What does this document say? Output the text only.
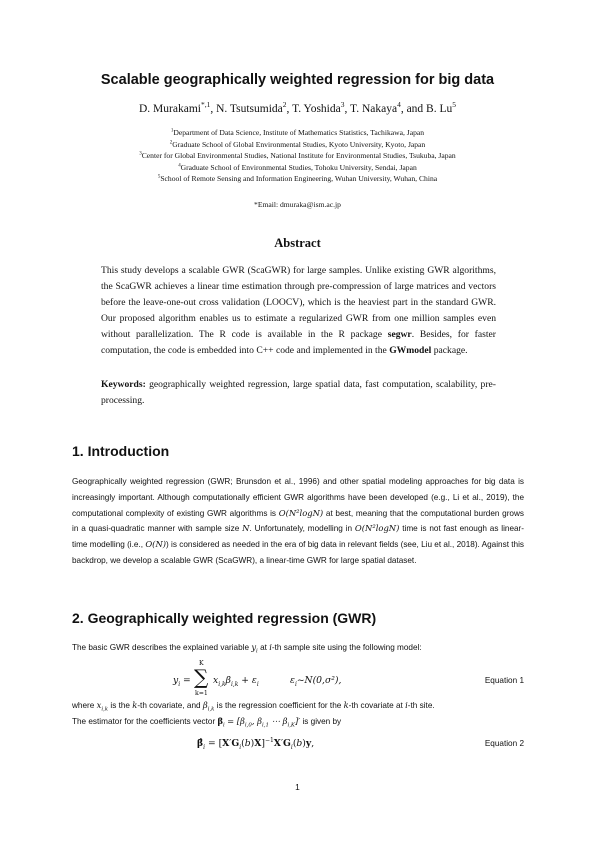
Scalable geographically weighted regression for big data
D. Murakami$^{*,1}$, N. Tsutsumida$^2$, T. Yoshida$^3$, T. Nakaya$^4$, and B. Lu$^5$
$^1$Department of Data Science, Institute of Mathematics Statistics, Tachikawa, Japan
$^2$Graduate School of Global Environmental Studies, Kyoto University, Kyoto, Japan
$^3$Center for Global Environmental Studies, National Institute for Environmental Studies, Tsukuba, Japan
$^4$Graduate School of Environmental Studies, Tohoku University, Sendai, Japan
$^5$School of Remote Sensing and Information Engineering, Wuhan University, Wuhan, China
*Email: dmuraka@ism.ac.jp
Abstract
This study develops a scalable GWR (ScaGWR) for large samples. Unlike existing GWR algorithms, the ScaGWR achieves a linear time estimation through pre-compression of large matrices and vectors before the leave-one-out cross validation (LOOCV), which is the heaviest part in the standard GWR. Our proposed algorithm enables us to estimate a regularized GWR from one million samples even without parallelization. The R code is available in the R package segwr. Besides, for faster computation, the code is embedded into C++ code and implemented in the GWmodel package.
Keywords: geographically weighted regression, large spatial data, fast computation, scalability, pre-processing.
1. Introduction
Geographically weighted regression (GWR; Brunsdon et al., 1996) and other spatial modeling approaches for big data is increasingly important. Although computationally efficient GWR algorithms have been developed (e.g., Li et al., 2019), the computational complexity of existing GWR algorithms is O(N²logN) at best, meaning that the computational burden grows in a quasi-quadratic manner with sample size N. Unfortunately, modelling in O(N²logN) time is not fast enough as linear-time modelling (i.e., O(N)) is considered as needed in the era of big data in relevant fields (see, Liu et al., 2018). Against this backdrop, we develop a scalable GWR (ScaGWR), a linear-time GWR for large spatial dataset.
2. Geographically weighted regression (GWR)
The basic GWR describes the explained variable $y_i$ at i-th sample site using the following model:
$y_i$ =
K
∑
k=1
$x_{i,k}\beta_{i,k} + \varepsilon_i$	$\varepsilon_i\sim N(0,\sigma^2)$,	Equation 1
where $x_{i,k}$ is the k-th covariate, and $\beta_{i,k}$ is the regression coefficient for the k-th covariate at i-th site.
The estimator for the coefficients vector $\beta_i = [\beta_{i,0}$, $\beta_{i,1}$ ⋯ $\beta_{i,K}]'$ is given by
$\betâ_i = [X'G_i(b)X]^{-1}X'G_i(b)y$,	Equation 2
1
